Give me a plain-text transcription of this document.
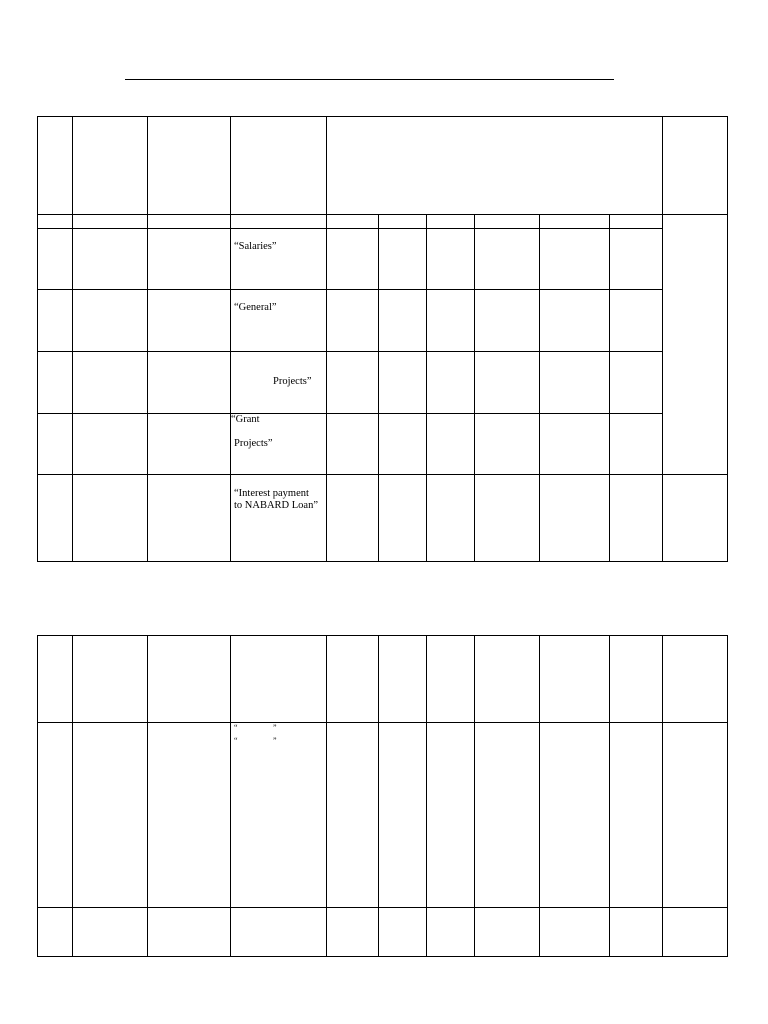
“Salaries”
“General”
Projects”
“Grant
Projects”
“Interest payment
to NABARD Loan”
“	”
“	”
